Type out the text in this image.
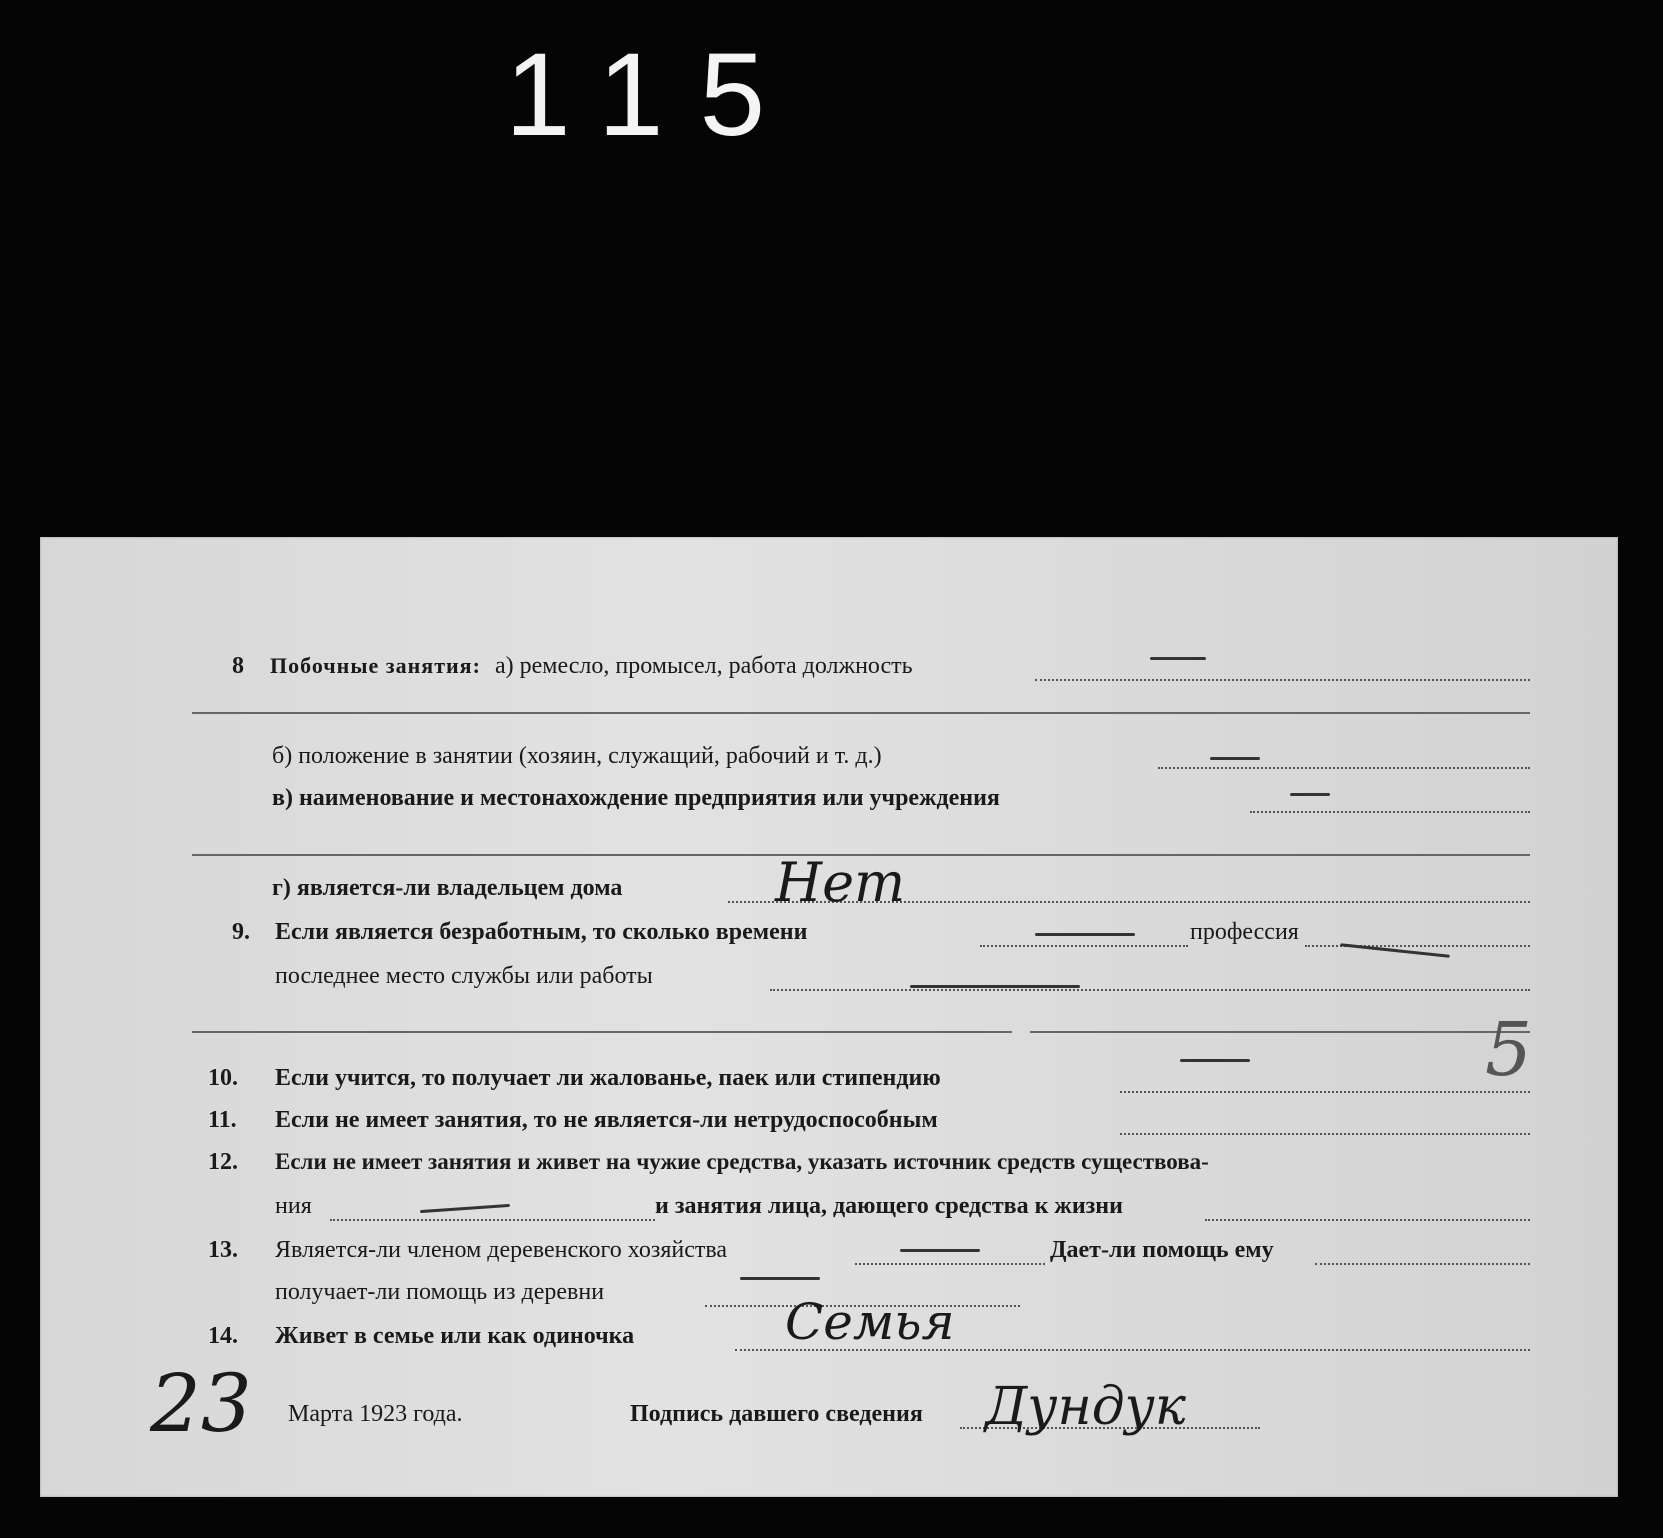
115
8 Побочные занятия: а) ремесло, промысел, работа должность
б) положение в занятии (хозяин, служащий, рабочий и т. д.)
в) наименование и местонахождение предприятия или учреждения
г) является-ли владельцем дома	Нет
9. Если является безработным, то сколько времени	профессия
последнее место службы или работы
10. Если учится, то получает ли жалованье, паек или стипендию
11. Если не имеет занятия, то не является-ли нетрудоспособным
12. Если не имеет занятия и живет на чужие средства, указать источник средств существова-
ния	и занятия лица, дающего средства к жизни
13. Является-ли членом деревенского хозяйства	Дает-ли помощь ему
получает-ли помощь из деревни
14. Живет в семье или как одиночка	Семья
23 Марта 1923 года.	Подпись давшего сведения Дундук
5
